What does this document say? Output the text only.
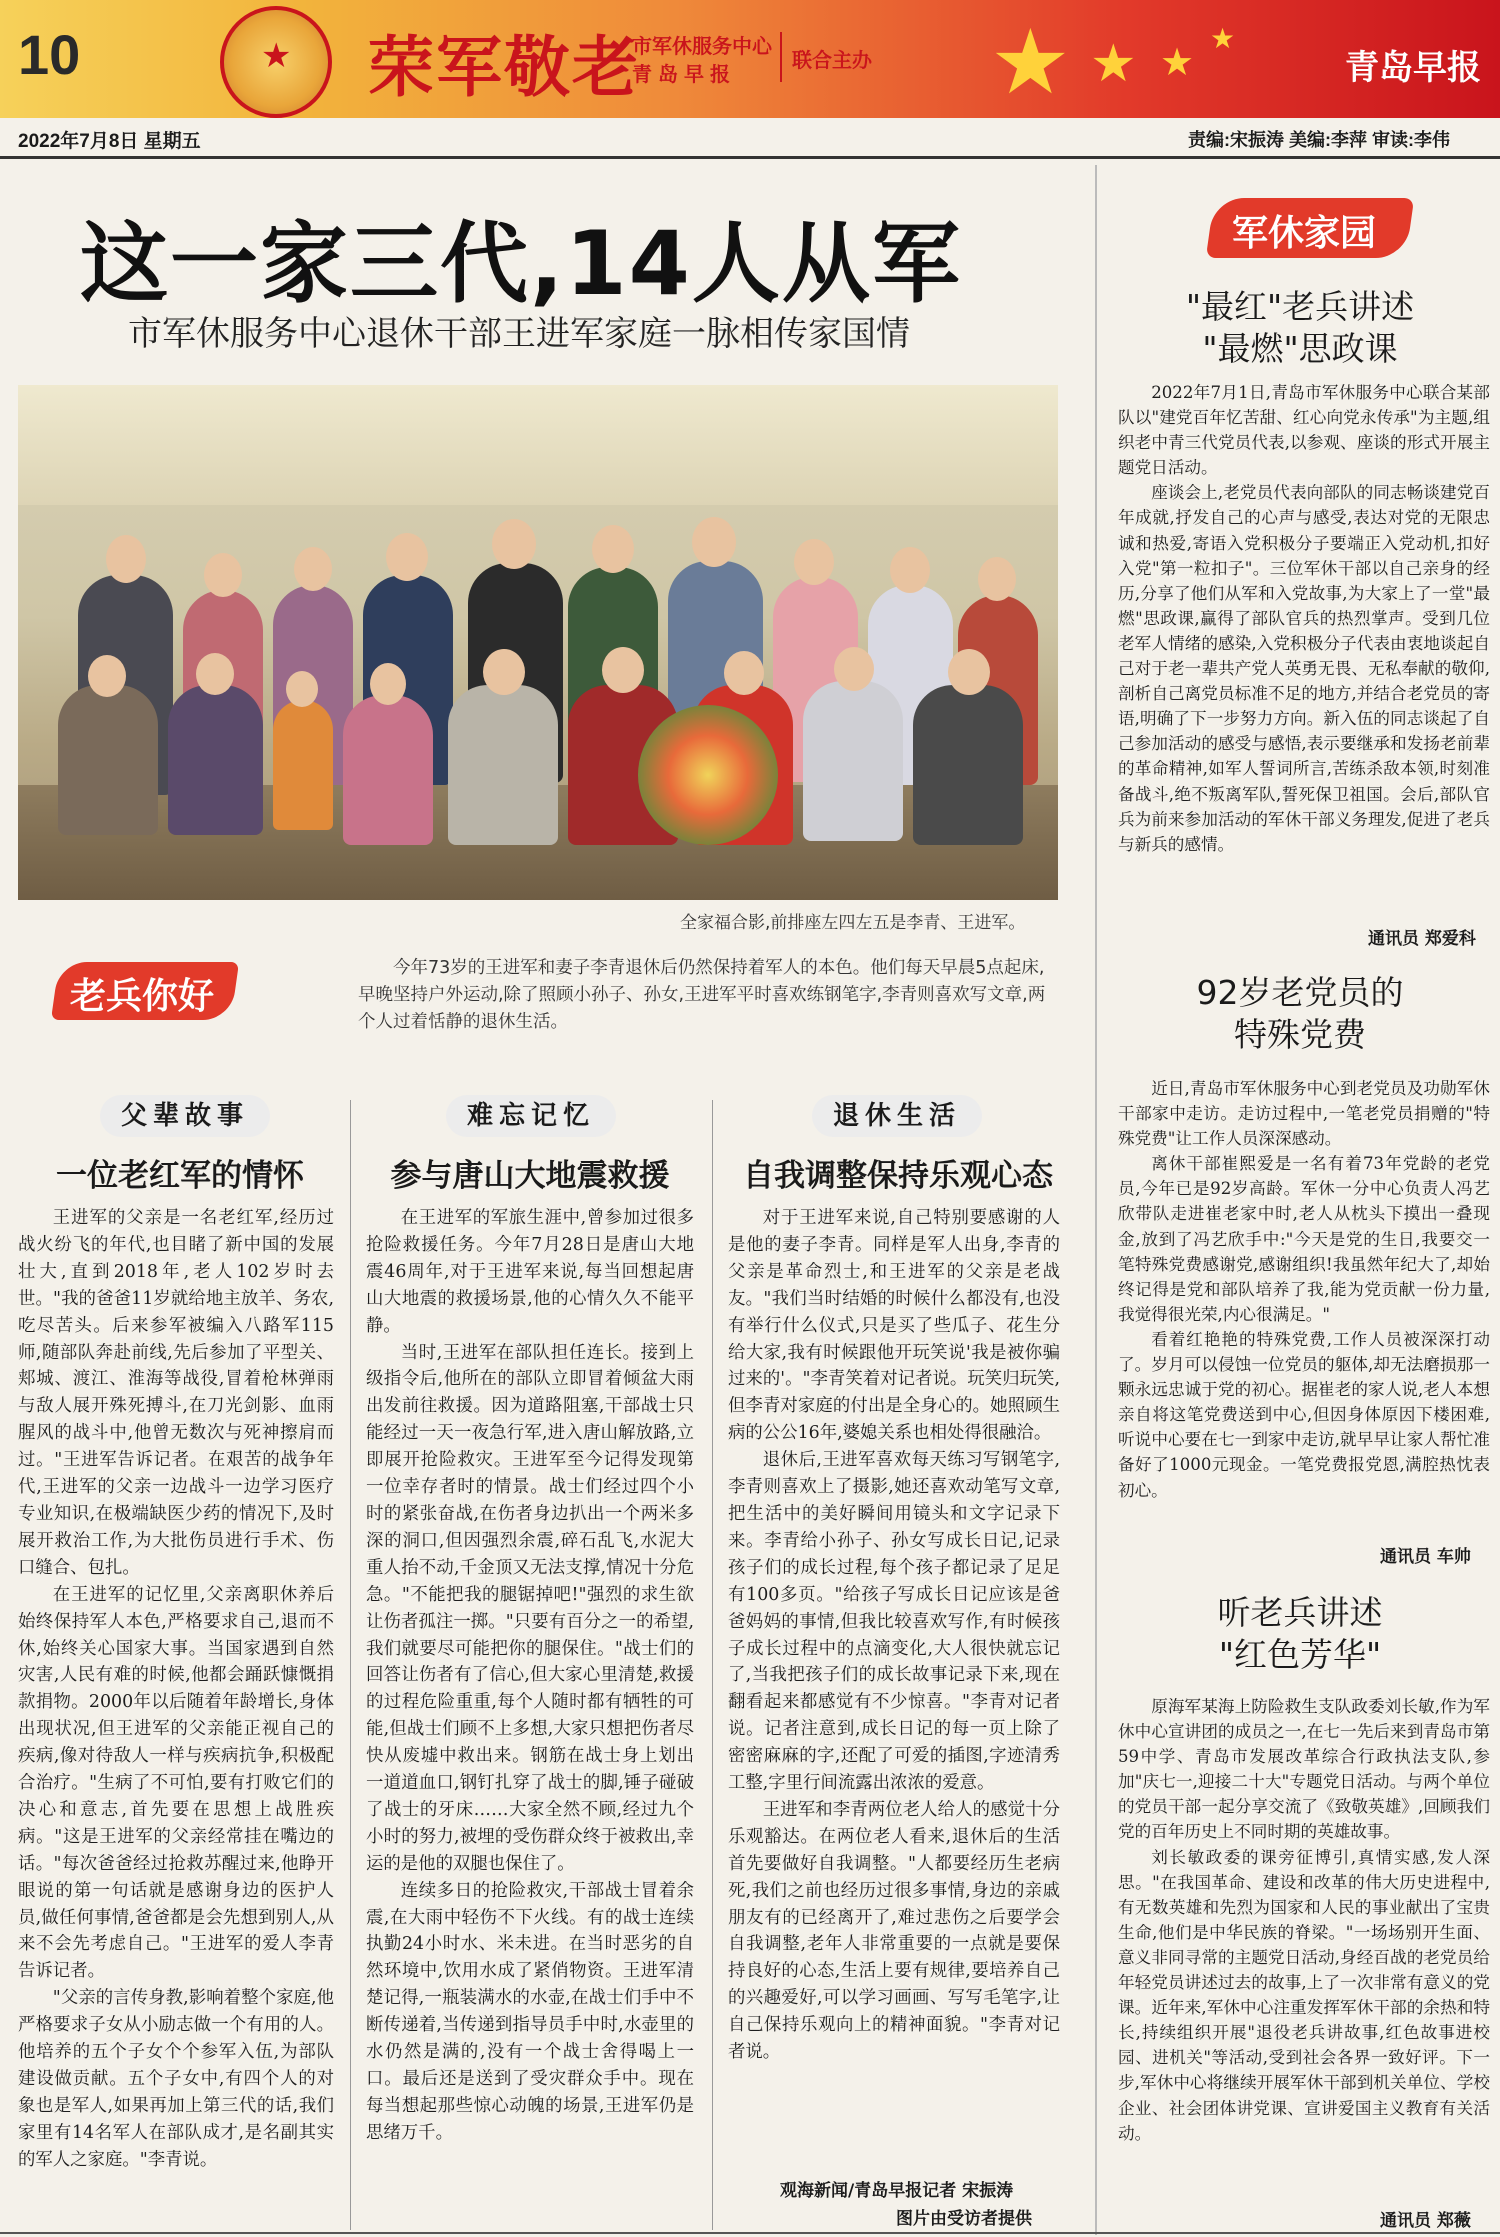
10	★ 荣军敬老
市军休服务中心
青岛早报
联合主办 ★ ★ ★
★
青岛早报
2022年7月8日 星期五	责编:宋振涛 美编:李萍 审读:李伟
这一家三代,14人从军
市军休服务中心退休干部王进军家庭一脉相传家国情
全家福合影,前排座左四左五是李青、王进军。
老兵你好
今年73岁的王进军和妻子李青退休后仍然保持着军人的本色。他们每天早晨5点起床,早晚坚持户外运动,除了照顾小孙子、孙女,王进军平时喜欢练钢笔字,李青则喜欢写文章,两个人过着恬静的退休生活。
父辈故事
一位老红军的情怀

王进军的父亲是一名老红军,经历过战火纷飞的年代,也目睹了新中国的发展壮大,直到2018年,老人102岁时去世。"我的爸爸11岁就给地主放羊、务农,吃尽苦头。后来参军被编入八路军115师,随部队奔赴前线,先后参加了平型关、郏城、渡江、淮海等战役,冒着枪林弹雨与敌人展开殊死搏斗,在刀光剑影、血雨腥风的战斗中,他曾无数次与死神擦肩而过。"王进军告诉记者。在艰苦的战争年代,王进军的父亲一边战斗一边学习医疗专业知识,在极端缺医少药的情况下,及时展开救治工作,为大批伤员进行手术、伤口缝合、包扎。

在王进军的记忆里,父亲离职休养后始终保持军人本色,严格要求自己,退而不休,始终关心国家大事。当国家遇到自然灾害,人民有难的时候,他都会踊跃慷慨捐款捐物。2000年以后随着年龄增长,身体出现状况,但王进军的父亲能正视自己的疾病,像对待敌人一样与疾病抗争,积极配合治疗。"生病了不可怕,要有打败它们的决心和意志,首先要在思想上战胜疾病。"这是王进军的父亲经常挂在嘴边的话。"每次爸爸经过抢救苏醒过来,他睁开眼说的第一句话就是感谢身边的医护人员,做任何事情,爸爸都是会先想到别人,从来不会先考虑自己。"王进军的爱人李青告诉记者。

"父亲的言传身教,影响着整个家庭,他严格要求子女从小励志做一个有用的人。他培养的五个子女个个参军入伍,为部队建设做贡献。五个子女中,有四个人的对象也是军人,如果再加上第三代的话,我们家里有14名军人在部队成才,是名副其实的军人之家庭。"李青说。

难忘记忆
参与唐山大地震救援

在王进军的军旅生涯中,曾参加过很多抢险救援任务。今年7月28日是唐山大地震46周年,对于王进军来说,每当回想起唐山大地震的救援场景,他的心情久久不能平静。

当时,王进军在部队担任连长。接到上级指令后,他所在的部队立即冒着倾盆大雨出发前往救援。因为道路阻塞,干部战士只能经过一天一夜急行军,进入唐山解放路,立即展开抢险救灾。王进军至今记得发现第一位幸存者时的情景。战士们经过四个小时的紧张奋战,在伤者身边扒出一个两米多深的洞口,但因强烈余震,碎石乱飞,水泥大重人抬不动,千金顶又无法支撑,情况十分危急。"不能把我的腿锯掉吧!"强烈的求生欲让伤者孤注一掷。"只要有百分之一的希望,我们就要尽可能把你的腿保住。"战士们的回答让伤者有了信心,但大家心里清楚,救援的过程危险重重,每个人随时都有牺牲的可能,但战士们顾不上多想,大家只想把伤者尽快从废墟中救出来。钢筋在战士身上划出一道道血口,钢钉扎穿了战士的脚,锤子碰破了战士的牙床……大家全然不顾,经过九个小时的努力,被埋的受伤群众终于被救出,幸运的是他的双腿也保住了。

连续多日的抢险救灾,干部战士冒着余震,在大雨中轻伤不下火线。有的战士连续执勤24小时水、米未进。在当时恶劣的自然环境中,饮用水成了紧俏物资。王进军清楚记得,一瓶装满水的水壶,在战士们手中不断传递着,当传递到指导员手中时,水壶里的水仍然是满的,没有一个战士舍得喝上一口。最后还是送到了受灾群众手中。现在每当想起那些惊心动魄的场景,王进军仍是思绪万千。

退休生活
自我调整保持乐观心态

对于王进军来说,自己特别要感谢的人是他的妻子李青。同样是军人出身,李青的父亲是革命烈士,和王进军的父亲是老战友。"我们当时结婚的时候什么都没有,也没有举行什么仪式,只是买了些瓜子、花生分给大家,我有时候跟他开玩笑说'我是被你骗过来的'。"李青笑着对记者说。玩笑归玩笑,但李青对家庭的付出是全身心的。她照顾生病的公公16年,婆媳关系也相处得很融洽。

退休后,王进军喜欢每天练习写钢笔字,李青则喜欢上了摄影,她还喜欢动笔写文章,把生活中的美好瞬间用镜头和文字记录下来。李青给小孙子、孙女写成长日记,记录孩子们的成长过程,每个孩子都记录了足足有100多页。"给孩子写成长日记应该是爸爸妈妈的事情,但我比较喜欢写作,有时候孩子成长过程中的点滴变化,大人很快就忘记了,当我把孩子们的成长故事记录下来,现在翻看起来都感觉有不少惊喜。"李青对记者说。记者注意到,成长日记的每一页上除了密密麻麻的字,还配了可爱的插图,字迹清秀工整,字里行间流露出浓浓的爱意。

王进军和李青两位老人给人的感觉十分乐观豁达。在两位老人看来,退休后的生活首先要做好自我调整。"人都要经历生老病死,我们之前也经历过很多事情,身边的亲戚朋友有的已经离开了,难过悲伤之后要学会自我调整,老年人非常重要的一点就是要保持良好的心态,生活上要有规律,要培养自己的兴趣爱好,可以学习画画、写写毛笔字,让自己保持乐观向上的精神面貌。"李青对记者说。

观海新闻/青岛早报记者 宋振涛
图片由受访者提供
军休家园
"最红"老兵讲述
"最燃"思政课

2022年7月1日,青岛市军休服务中心联合某部队以"建党百年忆苦甜、红心向党永传承"为主题,组织老中青三代党员代表,以参观、座谈的形式开展主题党日活动。

座谈会上,老党员代表向部队的同志畅谈建党百年成就,抒发自己的心声与感受,表达对党的无限忠诚和热爱,寄语入党积极分子要端正入党动机,扣好入党"第一粒扣子"。三位军休干部以自己亲身的经历,分享了他们从军和入党故事,为大家上了一堂"最燃"思政课,赢得了部队官兵的热烈掌声。受到几位老军人情绪的感染,入党积极分子代表由衷地谈起自己对于老一辈共产党人英勇无畏、无私奉献的敬仰,剖析自己离党员标准不足的地方,并结合老党员的寄语,明确了下一步努力方向。新入伍的同志谈起了自己参加活动的感受与感悟,表示要继承和发扬老前辈的革命精神,如军人誓词所言,苦练杀敌本领,时刻准备战斗,绝不叛离军队,誓死保卫祖国。会后,部队官兵为前来参加活动的军休干部义务理发,促进了老兵与新兵的感情。

通讯员 郑爱科
92岁老党员的
特殊党费

近日,青岛市军休服务中心到老党员及功勋军休干部家中走访。走访过程中,一笔老党员捐赠的"特殊党费"让工作人员深深感动。

离休干部崔熙爱是一名有着73年党龄的老党员,今年已是92岁高龄。军休一分中心负责人冯艺欣带队走进崔老家中时,老人从枕头下摸出一叠现金,放到了冯艺欣手中:"今天是党的生日,我要交一笔特殊党费感谢党,感谢组织!我虽然年纪大了,却始终记得是党和部队培养了我,能为党贡献一份力量,我觉得很光荣,内心很满足。"

看着红艳艳的特殊党费,工作人员被深深打动了。岁月可以侵蚀一位党员的躯体,却无法磨损那一颗永远忠诚于党的初心。据崔老的家人说,老人本想亲自将这笔党费送到中心,但因身体原因下楼困难,听说中心要在七一到家中走访,就早早让家人帮忙准备好了1000元现金。一笔党费报党恩,满腔热忱表初心。

通讯员 车帅
听老兵讲述
"红色芳华"

原海军某海上防险救生支队政委刘长敏,作为军休中心宣讲团的成员之一,在七一先后来到青岛市第59中学、青岛市发展改革综合行政执法支队,参加"庆七一,迎接二十大"专题党日活动。与两个单位的党员干部一起分享交流了《致敬英雄》,回顾我们党的百年历史上不同时期的英雄故事。

刘长敏政委的课旁征博引,真情实感,发人深思。"在我国革命、建设和改革的伟大历史进程中,有无数英雄和先烈为国家和人民的事业献出了宝贵生命,他们是中华民族的脊梁。"一场场别开生面、意义非同寻常的主题党日活动,身经百战的老党员给年轻党员讲述过去的故事,上了一次非常有意义的党课。近年来,军休中心注重发挥军休干部的余热和特长,持续组织开展"退役老兵讲故事,红色故事进校园、进机关"等活动,受到社会各界一致好评。下一步,军休中心将继续开展军休干部到机关单位、学校企业、社会团体讲党课、宣讲爱国主义教育有关活动。

通讯员 郑薇
